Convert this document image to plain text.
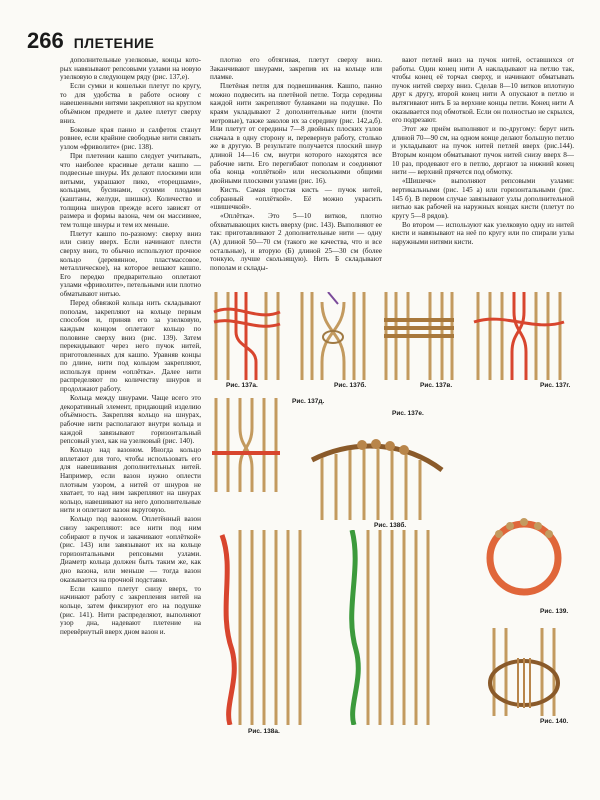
266 ПЛЕТЕНИЕ

дополнительные узелковые, концы кото-рых навязывают репсовыми узлами на новую узелковую в следующем ряду (рис. 137,е).

Если сумки и кошельки плетут по кругу, то для удобства в работе основу с навешенными нитями закрепляют на круглом объёмном предмете и далее плетут сверху вниз.

Боковые края панно и салфеток станут ровнее, если крайние свободные нити связать узлом «фриволите» (рис. 138).

При плетении кашпо следует учитывать, что наиболее красивые детали кашпо — подвесные шнуры. Их делают плоскими или витыми, украшают пико, «торецшами», кольцами, бусинами, сухими плодами (каштаны, желуди, шишки). Количество и толщина шнуров прежде всего зависят от размера и формы вазона, чем он массивнее, тем толще шнуры и тем их меньше.

Плетут кашпо по-разному: сверху вниз или снизу вверх. Если начинают плести сверху вниз, то обычно используют прочное кольцо (деревянное, пластмассовое, металлическое), на которое вешают кашпо. Его передко предварительно оплетают узлами «фриволите», петельными или плотно обматывают нитью.

Перед обвязкой кольца нить складывают пополам, закрепляют на кольце первым способом и, приняв его за узелковую, каждым концом оплетают кольцо по половине сверху вниз (рис. 139). Затем перекидывают через него пучок нитей, приготовленных для кашпо. Уравняв концы по длине, нити под кольцом закрепляют, используя прием «оплётка». Далее нити распределяют по количеству шнуров и продолжают работу.

Кольца между шнурами. Чаще всего это декоративный элемент, придающий изделию объёмность. Закрепляя кольцо на шнурах, рабочие нити располагают внутри кольца и каждой завязывают горизонтальный репсовый узел, как на узелковый (рис. 140).

Кольцо над вазоном. Иногда кольцо вплетают для того, чтобы использовать его для навешивания дополнительных нитей. Например, если вазон нужно оплести плотным узором, а нитей от шнуров не хватает, то над ним закрепляют на шнурах кольцо, навешивают на него дополнительные нити и оплетают вазон вкруговую.

Кольцо под вазоном. Оплетённый вазон снизу закрепляют: все нити под ним собирают в пучок и закачивают «оплёткой» (рис. 143) или завязывают их на кольце горизонтальными репсовыми узлами. Диаметр кольца должен быть таким же, как дно вазона, или меньше — тогда вазон оказывается на прочной подставке.

Если кашпо плетут снизу вверх, то начинают работу с закрепления нитей на кольце, затем фиксируют его на подушке (рис. 141). Нити распределяют, выполняют узор дна, надевают плетение на перевёрнутый вверх дном вазон и.

плотно его обтягивая, плетут сверху вниз. Заканчивают шнурами, закрепив их на кольце или пламке.

Плетёная петля для подвешивания. Кашпо, панно можно подвесить на плетёной петле. Тогда середины каждой нити закрепляют булавками на подушке. По краям укладывают 2 дополнительные нити (почти метровые), также заколов их за середину (рис. 142,а,б). Или плетут от середины 7—8 двойных плоских узлов сначала в одну сторону и, перевернув работу, столько же в другую. В результате получается плоский шнур длиной 14—16 см, внутри которого находятся все рабочие нити. Его перегибают пополам и соединяют оба конца «оплёткой» или несколькими общими двойными плоскими узлами (рис. 16).

Кисть. Самая простая кисть — пучок нитей, собранный «оплёткой». Её можно украсить «шишечкой».

«Оплётка». Это 5—10 витков, плотно обхватывающих кисть вверху (рис. 143). Выполняют ее так: приготавливают 2 дополнительные нити — одну (А) длиной 50—70 см (такого же качества, что и все остальные), и вторую (Б) длиной 25—30 см (более тонкую, лучше скользящую). Нить Б складывают пополам и склады-

вают петлей вниз на пучок нитей, оставшихся от работы. Один конец нити А накладывают на петлю так, чтобы конец её торчал сверху, и начинают обматывать пучок нитей сверху вниз. Сделав 8—10 витков вплотную друг к другу, второй конец нити А опускают в петлю и вытягивают нить Б за верхние концы петли. Конец нити А оказывается под обмоткой. Если он полностью не скрылся, его подрезают.

Этот же приём выполняют и по-другому: берут нить длиной 70—90 см, на одном конце делают большую петлю и укладывают на пучок нитей петлей вверх (рис.144). Вторым концом обматывают пучок нитей снизу вверх 8—10 раз, продевают его в петлю, дергают за нижний конец нити — верхний прячется под обмотку.

«Шишечк» выполняют репсовыми узлами: вертикальными (рис. 145 а) или горизонтальными (рис. 145 б). В первом случае завязывают узлы дополнительной нитью как рабочей на наружных концах кисти (плетут по кругу 5—8 рядов).

Во втором — используют как узелковую одну из нитей кисти и навязывают на неё по кругу или по спирали узлы наружными нитями кисти.

Рис. 137а.	Рис. 137б.	Рис. 137в.	Рис. 137г.
Рис. 137д.
Рис. 137е.
Рис. 139.
Рис. 140.
Рис. 138а.
Рис. 138б.
